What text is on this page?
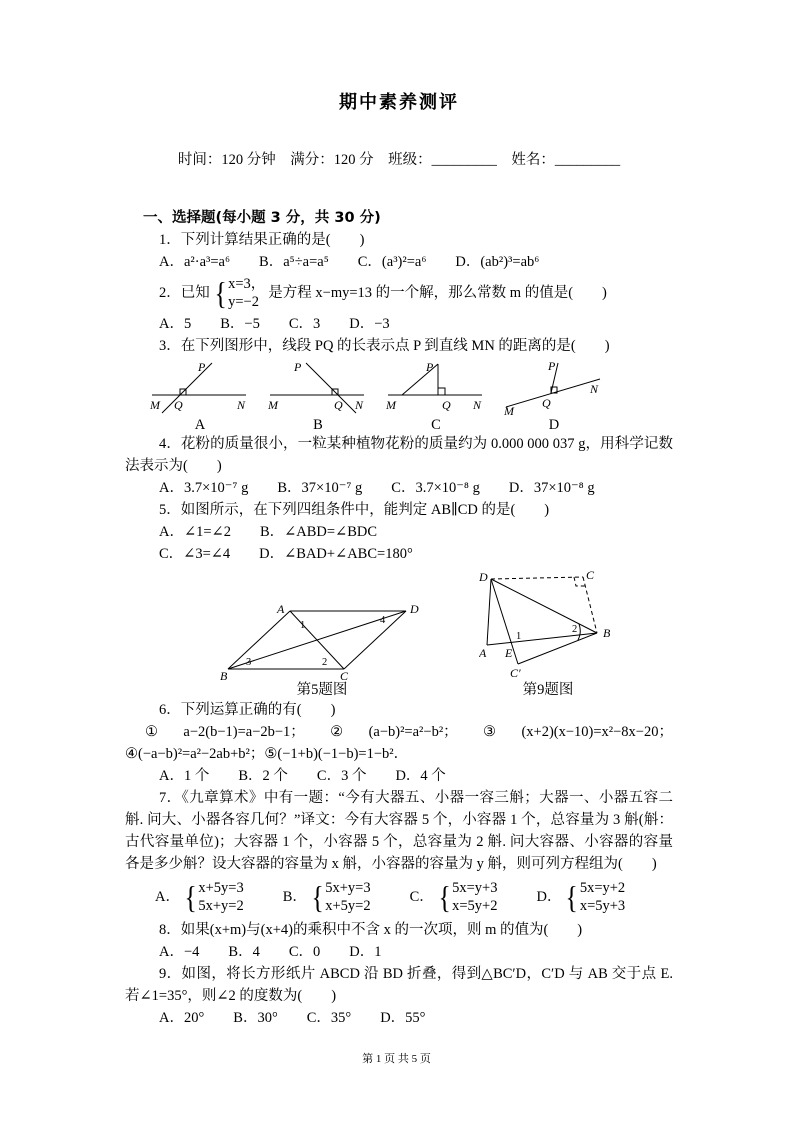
期中素养测评
时间：120 分钟　满分：120 分　班级：_________　姓名：_________
一、选择题(每小题 3 分，共 30 分)

1．下列计算结果正确的是(　　)

A．a²·a³=a⁶　　B．a⁵÷a=a⁵　　C．(a³)²=a⁶　　D．(ab²)³=ab⁶

2．已知 { x=3，
y=−2
是方程 x−my=13 的一个解，那么常数 m 的值是(　　)

A．5　　B．−5　　C．3　　D．−3

3．在下列图形中，线段 PQ 的长表示点 P 到直线 MN 的距离的是(　　)

P
Q
M	N
A
P
Q
M	N
B
P
Q
M	N
C
P
Q
M
N
D

4．花粉的质量很小，一粒某种植物花粉的质量约为 0.000 000 037 g，用科学记数法表示为(　　)

A．3.7×10⁻⁷ g　　B．37×10⁻⁷ g　　C．3.7×10⁻⁸ g　　D．37×10⁻⁸ g

5．如图所示，在下列四组条件中，能判定 AB∥CD 的是(　　)

A．∠1=∠2　　B．∠ABD=∠BDC

C．∠3=∠4　　D．∠BAD+∠ABC=180°

A	D
B	C
1	4
3	2
第5题图
D	C
B
A E
C′
1
2
第9题图

6．下列运算正确的有(　　)

①a−2(b−1)=a−2b−1；②(a−b)²=a²−b²；③(x+2)(x−10)=x²−8x−20；④(−a−b)²=a²−2ab+b²；⑤(−1+b)(−1−b)=1−b²．

A．1 个　　B．2 个　　C．3 个　　D．4 个

7．《九章算术》中有一题：“今有大器五、小器一容三斛；大器一、小器五容二斛. 问大、小器各容几何？”译文：今有大容器 5 个，小容器 1 个，总容量为 3 斛(斛：古代容量单位)；大容器 1 个，小容器 5 个，总容量为 2 斛. 问大容器、小容器的容量各是多少斛？设大容器的容量为 x 斛，小容器的容量为 y 斛，则可列方程组为(　　)

A． { x+5y=3
5x+y=2
B． { 5x+y=3
x+5y=2
C． { 5x=y+3
x=5y+2
D． { 5x=y+2
x=5y+3

8．如果(x+m)与(x+4)的乘积中不含 x 的一次项，则 m 的值为(　　)

A．−4　　B．4　　C．0　　D．1

9．如图，将长方形纸片 ABCD 沿 BD 折叠，得到△BC′D，C′D 与 AB 交于点 E.若∠1=35°，则∠2 的度数为(　　)

A．20°　　B．30°　　C．35°　　D．55°

第 1 页 共 5 页
